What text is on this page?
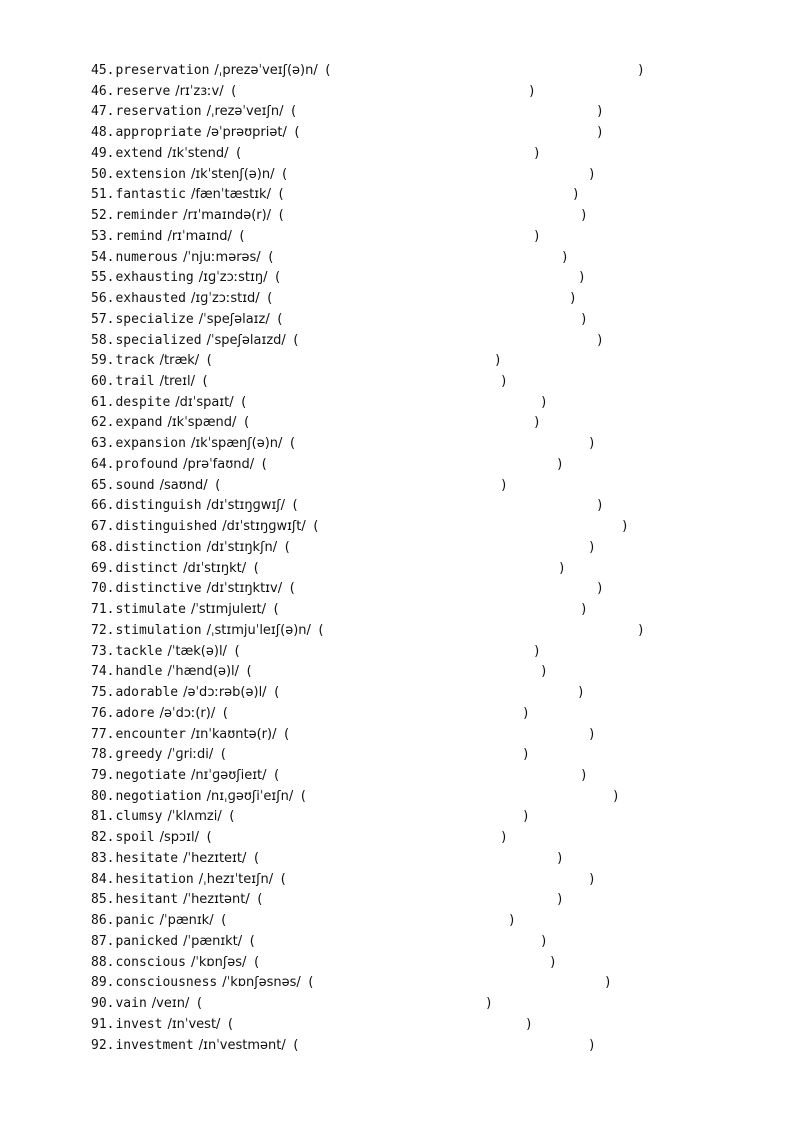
45.preservation /ˌprezəˈveɪʃ(ə)n/ (	)
46.reserve /rɪˈzɜːv/ (	)
47.reservation /ˌrezəˈveɪʃn/ (	)
48.appropriate /əˈprəʊpriət/ (	)
49.extend /ɪkˈstend/ (	)
50.extension /ɪkˈstenʃ(ə)n/ (	)
51.fantastic /fænˈtæstɪk/ (	)
52.reminder /rɪˈmaɪndə(r)/ (	)
53.remind /rɪˈmaɪnd/ (	)
54.numerous /ˈnjuːmərəs/ (	)
55.exhausting /ɪɡˈzɔːstɪŋ/ (	)
56.exhausted /ɪɡˈzɔːstɪd/ (	)
57.specialize /ˈspeʃəlaɪz/ (	)
58.specialized /ˈspeʃəlaɪzd/ (	)
59.track /træk/ (	)
60.trail /treɪl/ (	)
61.despite /dɪˈspaɪt/ (	)
62.expand /ɪkˈspænd/ (	)
63.expansion /ɪkˈspænʃ(ə)n/ (	)
64.profound /prəˈfaʊnd/ (	)
65.sound /saʊnd/ (	)
66.distinguish /dɪˈstɪŋɡwɪʃ/ (	)
67.distinguished /dɪˈstɪŋɡwɪʃt/ (	)
68.distinction /dɪˈstɪŋkʃn/ (	)
69.distinct /dɪˈstɪŋkt/ (	)
70.distinctive /dɪˈstɪŋktɪv/ (	)
71.stimulate /ˈstɪmjuleɪt/ (	)
72.stimulation /ˌstɪmjuˈleɪʃ(ə)n/ (	)
73.tackle /ˈtæk(ə)l/ (	)
74.handle /ˈhænd(ə)l/ (	)
75.adorable /əˈdɔːrəb(ə)l/ (	)
76.adore /əˈdɔː(r)/ (	)
77.encounter /ɪnˈkaʊntə(r)/ (	)
78.greedy /ˈɡriːdi/ (	)
79.negotiate /nɪˈɡəʊʃieɪt/ (	)
80.negotiation /nɪˌɡəʊʃiˈeɪʃn/ (	)
81.clumsy /ˈklʌmzi/ (	)
82.spoil /spɔɪl/ (	)
83.hesitate /ˈhezɪteɪt/ (	)
84.hesitation /ˌhezɪˈteɪʃn/ (	)
85.hesitant /ˈhezɪtənt/ (	)
86.panic /ˈpænɪk/ (	)
87.panicked /ˈpænɪkt/ (	)
88.conscious /ˈkɒnʃəs/ (	)
89.consciousness /ˈkɒnʃəsnəs/ (	)
90.vain /veɪn/ (	)
91.invest /ɪnˈvest/ (	)
92.investment /ɪnˈvestmənt/ (	)
